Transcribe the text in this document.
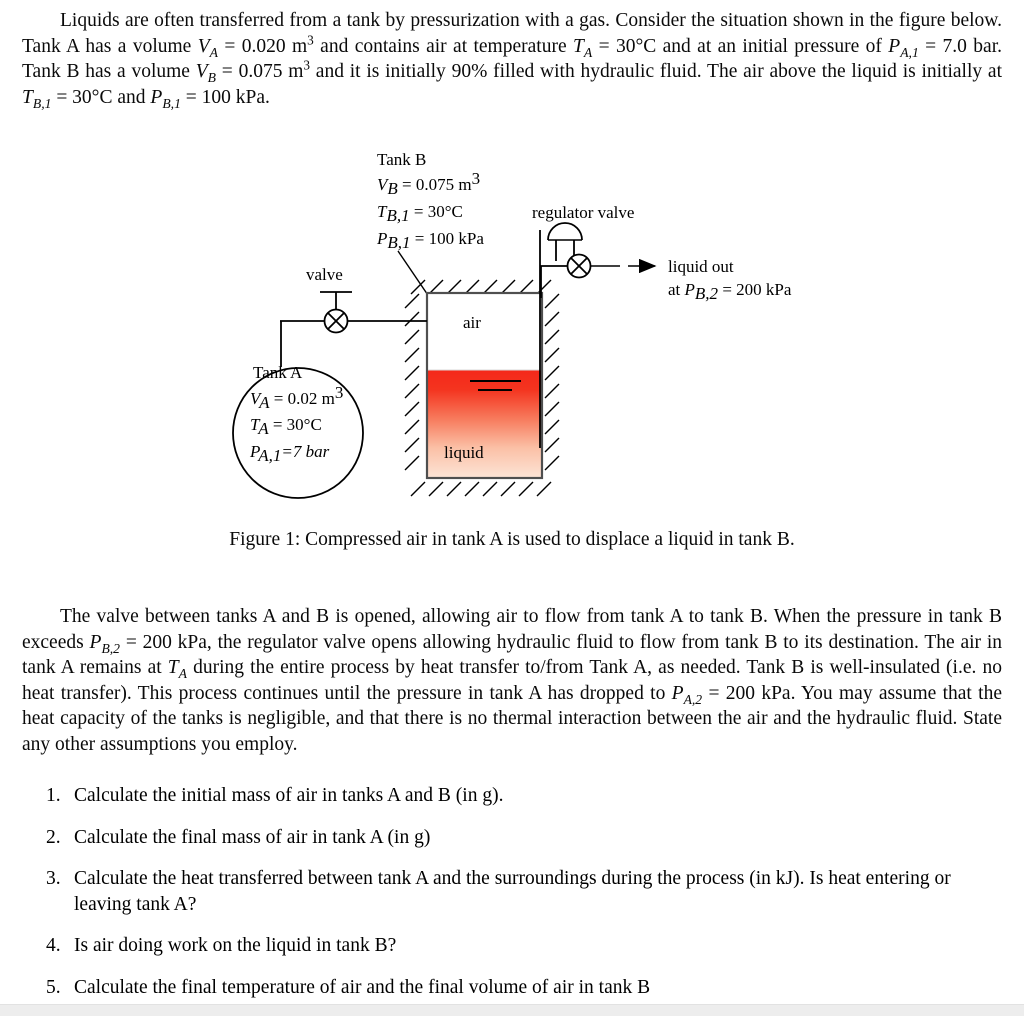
Liquids are often transferred from a tank by pressurization with a gas. Consider the situation shown in the figure below. Tank A has a volume $V_A = 0.020$ $m^3$ and contains air at temperature $T_A = 30^\circ C$ and at an initial pressure of $P_{A,1} = 7.0$ bar. Tank B has a volume $V_B = 0.075$ $m^3$ and it is initially 90% filled with hydraulic fluid. The air above the liquid is initially at $T_{B,1} = 30^\circ C$ and $P_{B,1} = 100$ kPa.
Tank B
VB = 0.075 m3
TB,1 = 30°C
PB,1 = 100 kPa
air
liquid
valve
Tank A
VA = 0.02 m3
TA = 30°C
PA,1=7 bar
regulator valve
liquid out
at PB,2 = 200 kPa
Figure 1: Compressed air in tank A is used to displace a liquid in tank B.
The valve between tanks A and B is opened, allowing air to flow from tank A to tank B. When the pressure in tank B exceeds $P_{B,2} = 200$ kPa, the regulator valve opens allowing hydraulic fluid to flow from tank B to its destination. The air in tank A remains at $T_A$ during the entire process by heat transfer to/from Tank A, as needed. Tank B is well-insulated (i.e. no heat transfer). This process continues until the pressure in tank A has dropped to $P_{A,2} = 200$ kPa. You may assume that the heat capacity of the tanks is negligible, and that there is no thermal interaction between the air and the hydraulic fluid. State any other assumptions you employ.
1. Calculate the initial mass of air in tanks A and B (in g).
2. Calculate the final mass of air in tank A (in g)
3. Calculate the heat transferred between tank A and the surroundings during the process (in kJ). Is heat entering or leaving tank A?
4. Is air doing work on the liquid in tank B?
5. Calculate the final temperature of air and the final volume of air in tank B
